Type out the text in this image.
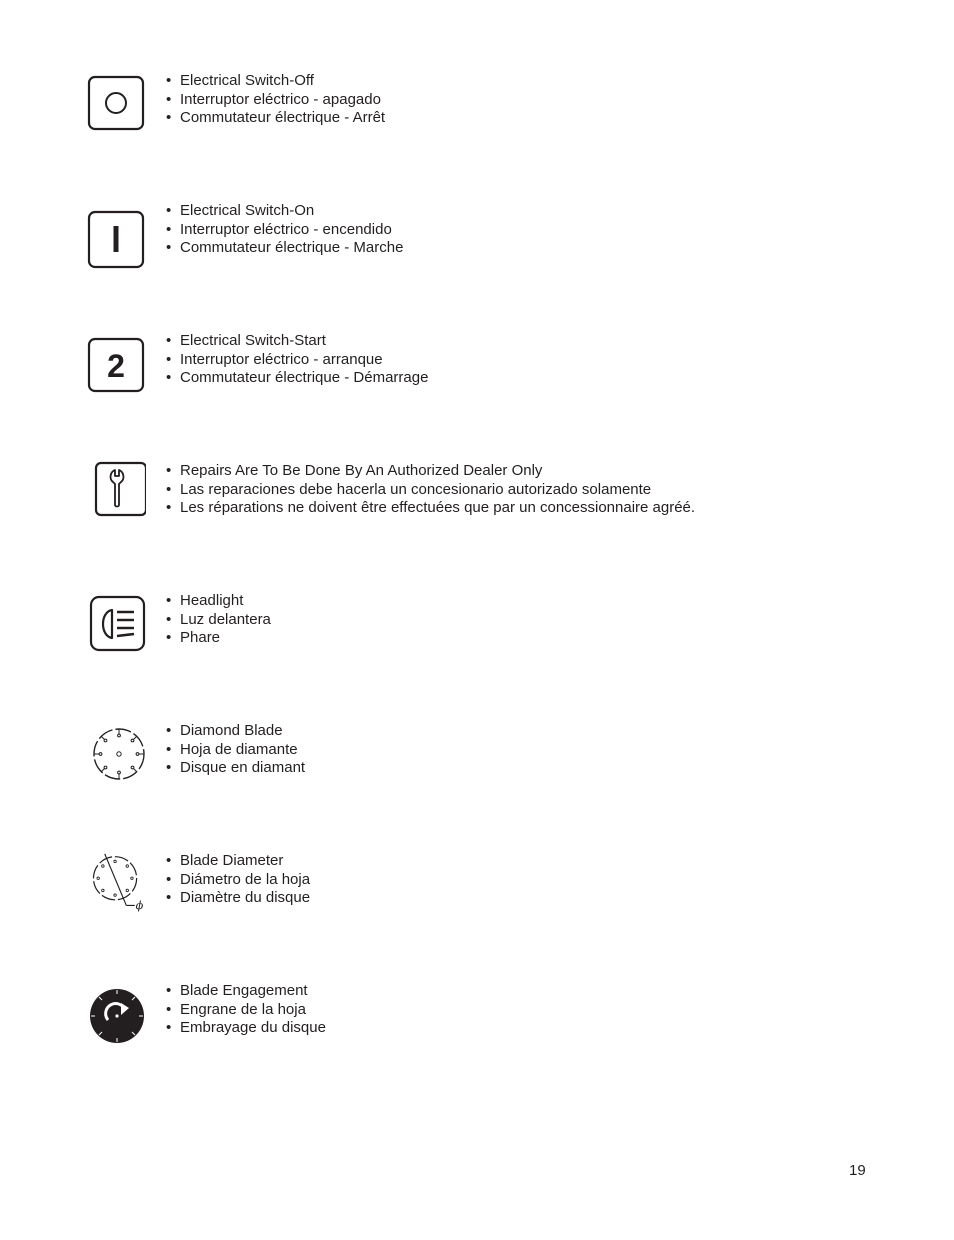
• Electrical Switch-Off
• Interruptor eléctrico - apagado
• Commutateur électrique - Arrêt
• Electrical Switch-On
• Interruptor eléctrico - encendido
• Commutateur électrique - Marche
2
• Electrical Switch-Start
• Interruptor eléctrico - arranque
• Commutateur électrique - Démarrage
• Repairs Are To Be Done By An Authorized Dealer Only
• Las reparaciones debe hacerla un concesionario autorizado solamente
• Les réparations ne doivent être effectuées que par un concessionnaire agréé.
• Headlight
• Luz delantera
• Phare
• Diamond Blade
• Hoja de diamante
• Disque en diamant
ϕ
• Blade Diameter
• Diámetro de la hoja
• Diamètre du disque
• Blade Engagement
• Engrane de la hoja
• Embrayage du disque
19
